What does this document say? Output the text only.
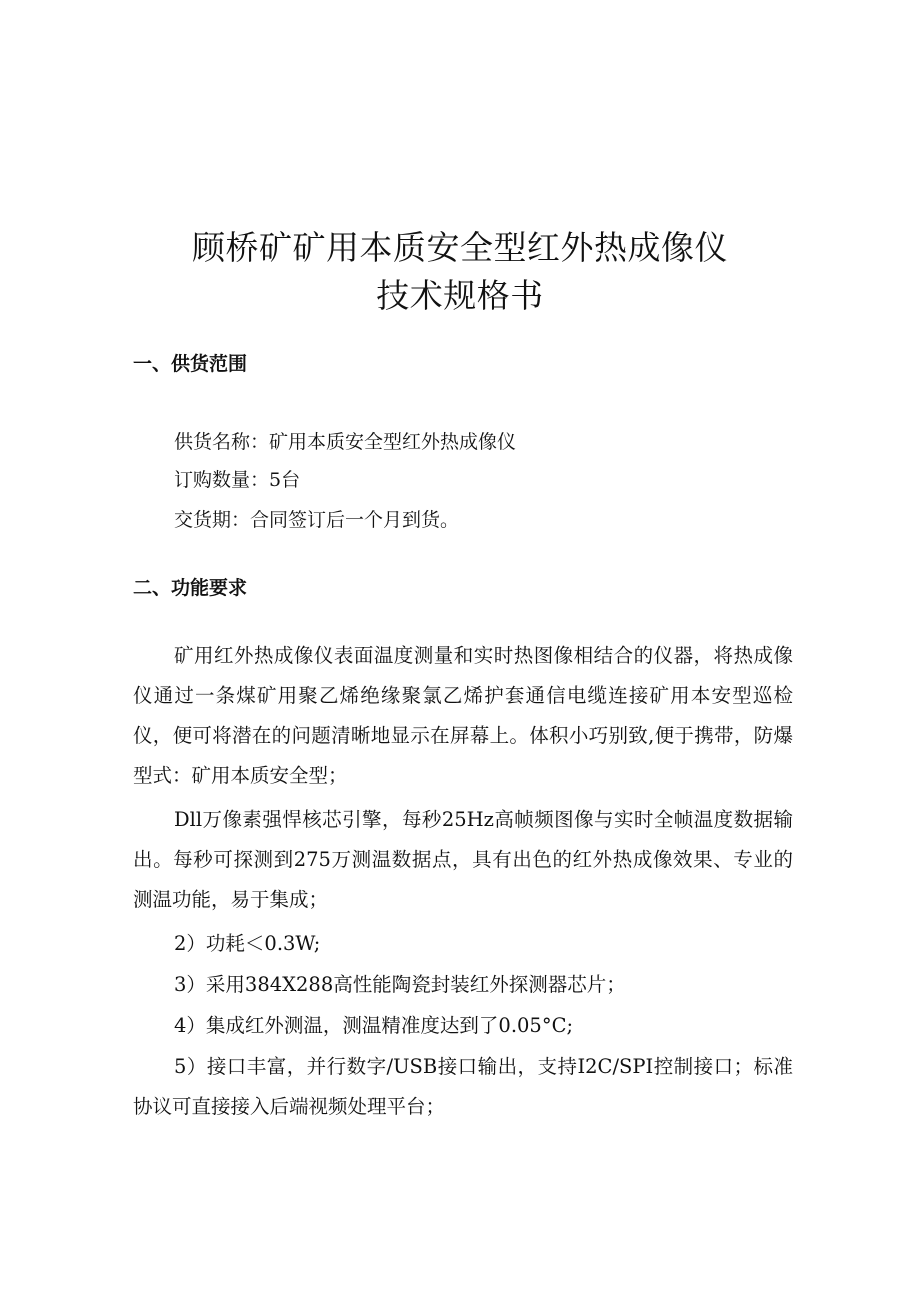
顾桥矿矿用本质安全型红外热成像仪
技术规格书
一、供货范围
供货名称：矿用本质安全型红外热成像仪
订购数量：5台
交货期：合同签订后一个月到货。
二、功能要求
矿用红外热成像仪表面温度测量和实时热图像相结合的仪器，将热成像仪通过一条煤矿用聚乙烯绝缘聚氯乙烯护套通信电缆连接矿用本安型巡检仪，便可将潜在的问题清晰地显示在屏幕上。体积小巧别致,便于携带，防爆型式：矿用本质安全型；
Dll万像素强悍核芯引擎，每秒25Hz高帧频图像与实时全帧温度数据输出。每秒可探测到275万测温数据点，具有出色的红外热成像效果、专业的测温功能，易于集成；
2）功耗＜0.3W;
3）采用384X288高性能陶瓷封装红外探测器芯片；
4）集成红外测温，测温精准度达到了0.05°C;
5）接口丰富，并行数字/USB接口输出，支持I2C/SPI控制接口；标准协议可直接接入后端视频处理平台；
